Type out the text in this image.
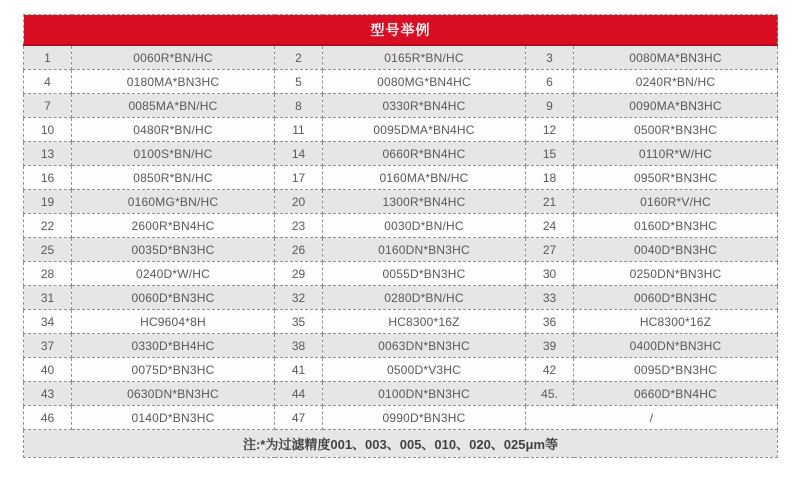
型号举例					
1	0060R*BN/HC	2	0165R*BN/HC	3	0080MA*BN3HC
4	0180MA*BN3HC	5	0080MG*BN4HC	6	0240R*BN/HC
7	0085MA*BN/HC	8	0330R*BN4HC	9	0090MA*BN3HC
10	0480R*BN/HC	11	0095DMA*BN4HC	12	0500R*BN3HC
13	0100S*BN/HC	14	0660R*BN4HC	15	0110R*W/HC
16	0850R*BN/HC	17	0160MA*BN/HC	18	0950R*BN3HC
19	0160MG*BN/HC	20	1300R*BN4HC	21	0160R*V/HC
22	2600R*BN4HC	23	0030D*BN/HC	24	0160D*BN3HC
25	0035D*BN3HC	26	0160DN*BN3HC	27	0040D*BN3HC
28	0240D*W/HC	29	0055D*BN3HC	30	0250DN*BN3HC
31	0060D*BN3HC	32	0280D*BN/HC	33	0060D*BN3HC
34	HC9604*8H	35	HC8300*16Z	36	HC8300*16Z
37	0330D*BH4HC	38	0063DN*BN3HC	39	0400DN*BN3HC
40	0075D*BN3HC	41	0500D*V3HC	42	0095D*BN3HC
43	0630DN*BN3HC	44	0100DN*BN3HC	45.	0660D*BN4HC
46	0140D*BN3HC	47	0990D*BN3HC	/	
注:*为过滤精度001、003、005、010、020、025μm等					
